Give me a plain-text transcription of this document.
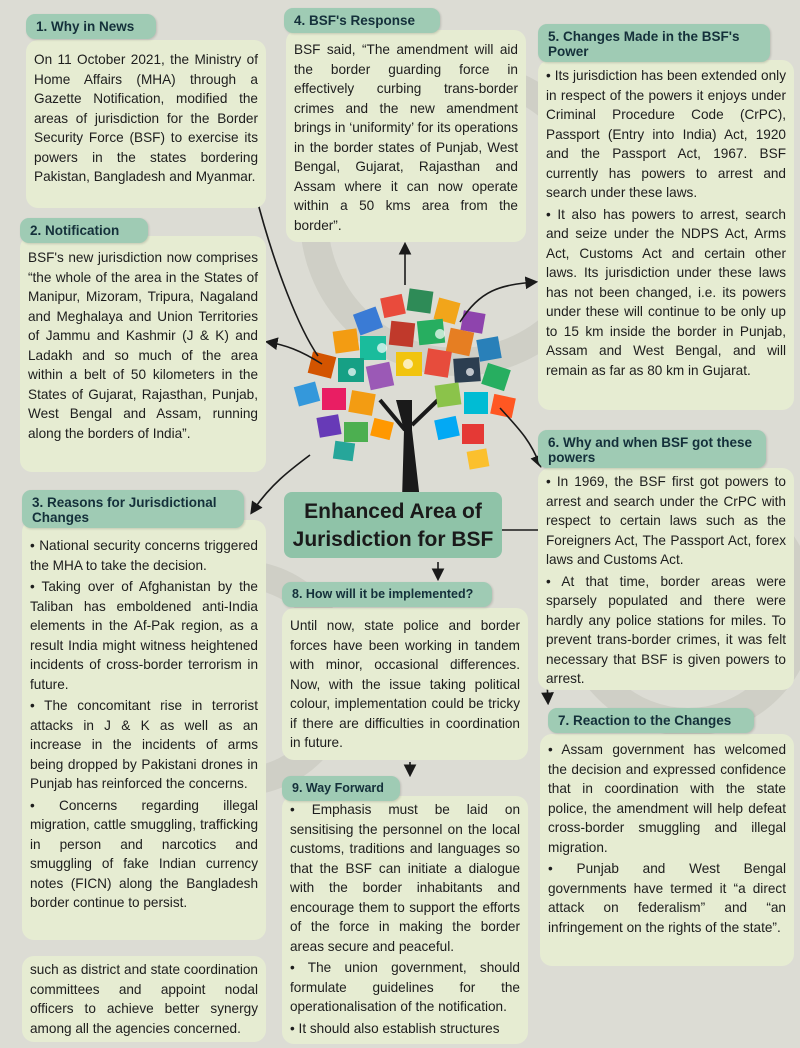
On 11 October 2021, the Ministry of Home Affairs (MHA) through a Gazette Notification, modified the areas of jurisdiction for the Border Security Force (BSF) to exercise its powers in the states bordering Pakistan, Bangladesh and Myanmar.

1. Why in News

BSF's new jurisdiction now comprises “the whole of the area in the States of Manipur, Mizoram, Tripura, Nagaland and Meghalaya and Union Territories of Jammu and Kashmir (J & K) and Ladakh and so much of the area within a belt of 50 kilometers in the States of Gujarat, Rajasthan, Punjab, West Bengal and Assam, running along the borders of India”.

2. Notification

• National security concerns triggered the MHA to take the decision.

• Taking over of Afghanistan by the Taliban has emboldened anti-India elements in the Af-Pak region, as a result India might witness heightened incidents of cross-border terrorism in future.

• The concomitant rise in terrorist attacks in J & K as well as an increase in the incidents of arms being dropped by Pakistani drones in Punjab has reinforced the concerns.

• Concerns regarding illegal migration, cattle smuggling, trafficking in person and narcotics and smuggling of fake Indian currency notes (FICN) along the Bangladesh border continue to persist.

3. Reasons for Jurisdictional Changes

such as district and state coordination committees and appoint nodal officers to achieve better synergy among all the agencies concerned.

BSF said, “The amendment will aid the border guarding force in effectively curbing trans-border crimes and the new amendment brings in ‘uniformity’ for its operations in the border states of Punjab, West Bengal, Gujarat, Rajasthan and Assam where it can now operate within a 50 kms area from the border”.

4. BSF's Response

• Its jurisdiction has been extended only in respect of the powers it enjoys under Criminal Procedure Code (CrPC), Passport (Entry into India) Act, 1920 and the Passport Act, 1967. BSF currently has powers to arrest and search under these laws.

• It also has powers to arrest, search and seize under the NDPS Act, Arms Act, Customs Act and certain other laws. Its jurisdiction under these laws has not been changed, i.e. its powers under these will continue to be only up to 15 km inside the border in Punjab, Assam and West Bengal, and will remain as far as 80 km in Gujarat.

5. Changes Made in the BSF's Power

• In 1969, the BSF first got powers to arrest and search under the CrPC with respect to certain laws such as the Foreigners Act, The Passport Act, forex laws and Customs Act.

• At that time, border areas were sparsely populated and there were hardly any police stations for miles. To prevent trans-border crimes, it was felt necessary that BSF is given powers to arrest.

6. Why and when BSF got these powers

• Assam government has welcomed the decision and expressed confidence that in coordination with the state police, the amendment will help defeat cross-border smuggling and illegal migration.

• Punjab and West Bengal governments have termed it “a direct attack on federalism” and “an infringement on the rights of the state”.

7. Reaction to the Changes
Enhanced Area of
Jurisdiction for BSF

Until now, state police and border forces have been working in tandem with minor, occasional differences. Now, with the issue taking political colour, implementation could be tricky if there are difficulties in coordination in future.

8. How will it be implemented?

• Emphasis must be laid on sensitising the personnel on the local customs, traditions and languages so that the BSF can initiate a dialogue with the border inhabitants and encourage them to support the efforts of the force in making the border areas secure and peaceful.

• The union government, should formulate guidelines for the operationalisation of the notification.

• It should also establish structures

9. Way Forward
